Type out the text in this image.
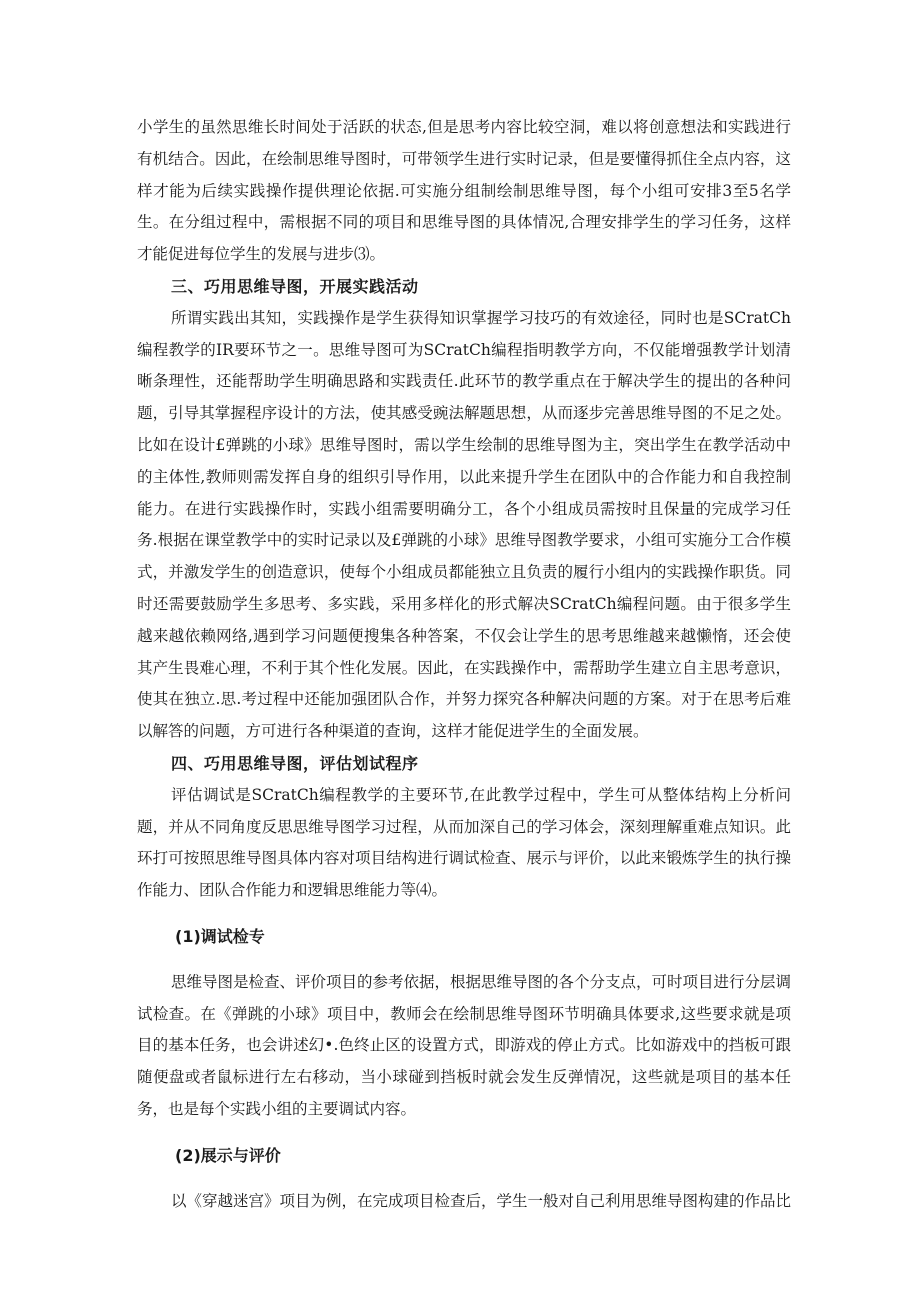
小学生的虽然思维长时间处于活跃的状态,但是思考内容比较空洞，难以将创意想法和实践进行有机结合。因此，在绘制思维导图时，可带领学生进行实时记录，但是要懂得抓住全点内容，这样才能为后续实践操作提供理论依据.可实施分组制绘制思维导图，每个小组可安排3至5名学生。在分组过程中，需根据不同的项目和思维导图的具体情况,合理安排学生的学习任务，这样才能促进每位学生的发展与进步⑶。

三、巧用思维导图，开展实践活动

所谓实践出其知，实践操作是学生获得知识掌握学习技巧的有效途径，同时也是SCratCh编程教学的IR要环节之一。思维导图可为SCratCh编程指明教学方向，不仅能增强教学计划清晰条理性，还能帮助学生明确思路和实践责任.此环节的教学重点在于解决学生的提出的各种问题，引导其掌握程序设计的方法，使其感受豌法解题思想，从而逐步完善思维导图的不足之处。比如在设计£弹跳的小球》思维导图时，需以学生绘制的思维导图为主，突出学生在教学活动中的主体性,教师则需发挥自身的组织引导作用，以此来提升学生在团队中的合作能力和自我控制能力。在进行实践操作时，实践小组需要明确分工，各个小组成员需按时且保量的完成学习任务.根据在课堂教学中的实时记录以及£弹跳的小球》思维导图教学要求，小组可实施分工合作模式，并激发学生的创造意识，使每个小组成员都能独立且负责的履行小组内的实践操作职货。同时还需要鼓励学生多思考、多实践，采用多样化的形式解决SCratCh编程问题。由于很多学生越来越依赖网络,遇到学习问题便搜集各种答案，不仅会让学生的思考思维越来越懒惰，还会使其产生畏难心理，不利于其个性化发展。因此，在实践操作中，需帮助学生建立自主思考意识，使其在独立.思.考过程中还能加强团队合作，并努力探究各种解决问题的方案。对于在思考后难以解答的问题，方可进行各种渠道的查询，这样才能促进学生的全面发展。

四、巧用思维导图，评估划试程序

评估调试是SCratCh编程教学的主要环节,在此教学过程中，学生可从整体结构上分析问题，并从不同角度反思思维导图学习过程，从而加深自己的学习体会，深刻理解重难点知识。此环打可按照思维导图具体内容对项目结构进行调试检查、展示与评价，以此来锻炼学生的执行操作能力、团队合作能力和逻辑思维能力等⑷。

(1)调试检专

思维导图是检查、评价项目的参考依据，根据思维导图的各个分支点，可时项目进行分层调试检查。在《弹跳的小球》项目中，教师会在绘制思维导图环节明确具体要求,这些要求就是项目的基本任务，也会讲述幻•.色终止区的设置方式，即游戏的停止方式。比如游戏中的挡板可跟随便盘或者鼠标进行左右移动，当小球碰到挡板时就会发生反弹情况，这些就是项目的基本任务，也是每个实践小组的主要调试内容。

(2)展示与评价

以《穿越迷宫》项目为例，在完成项目检查后，学生一般对自己利用思维导图构建的作品比
